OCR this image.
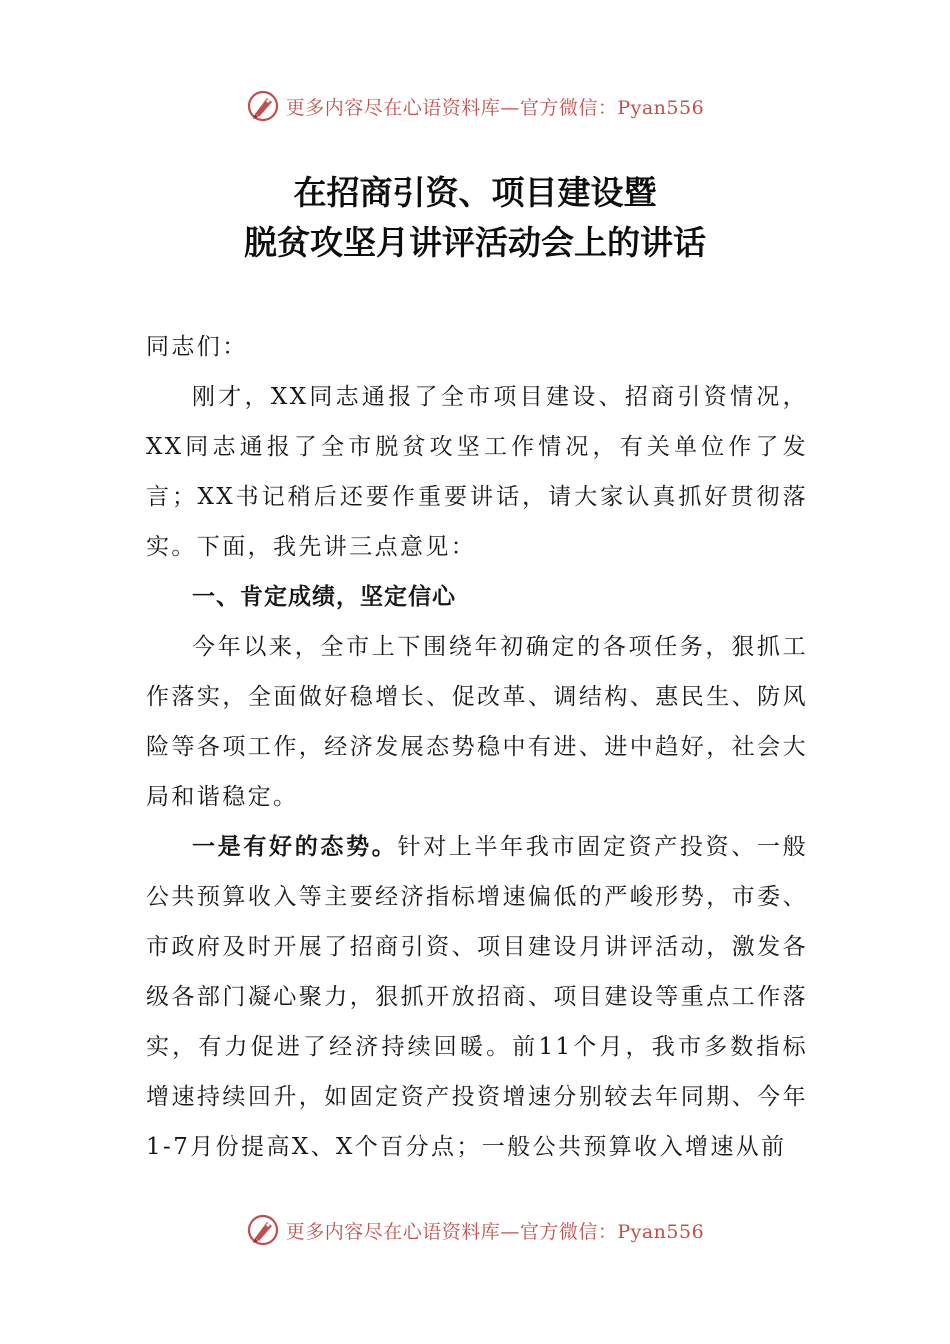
更多内容尽在心语资料库—官方微信：Pyan556
在招商引资、项目建设暨
脱贫攻坚月讲评活动会上的讲话

同志们：

刚才，XX同志通报了全市项目建设、招商引资情况，XX同志通报了全市脱贫攻坚工作情况，有关单位作了发言；XX书记稍后还要作重要讲话，请大家认真抓好贯彻落实。下面，我先讲三点意见：

一、肯定成绩，坚定信心

今年以来，全市上下围绕年初确定的各项任务，狠抓工作落实，全面做好稳增长、促改革、调结构、惠民生、防风险等各项工作，经济发展态势稳中有进、进中趋好，社会大局和谐稳定。

一是有好的态势。针对上半年我市固定资产投资、一般公共预算收入等主要经济指标增速偏低的严峻形势，市委、市政府及时开展了招商引资、项目建设月讲评活动，激发各级各部门凝心聚力，狠抓开放招商、项目建设等重点工作落实，有力促进了经济持续回暖。前11个月，我市多数指标增速持续回升，如固定资产投资增速分别较去年同期、今年1-7月份提高X、X个百分点；一般公共预算收入增速从前

更多内容尽在心语资料库—官方微信：Pyan556
